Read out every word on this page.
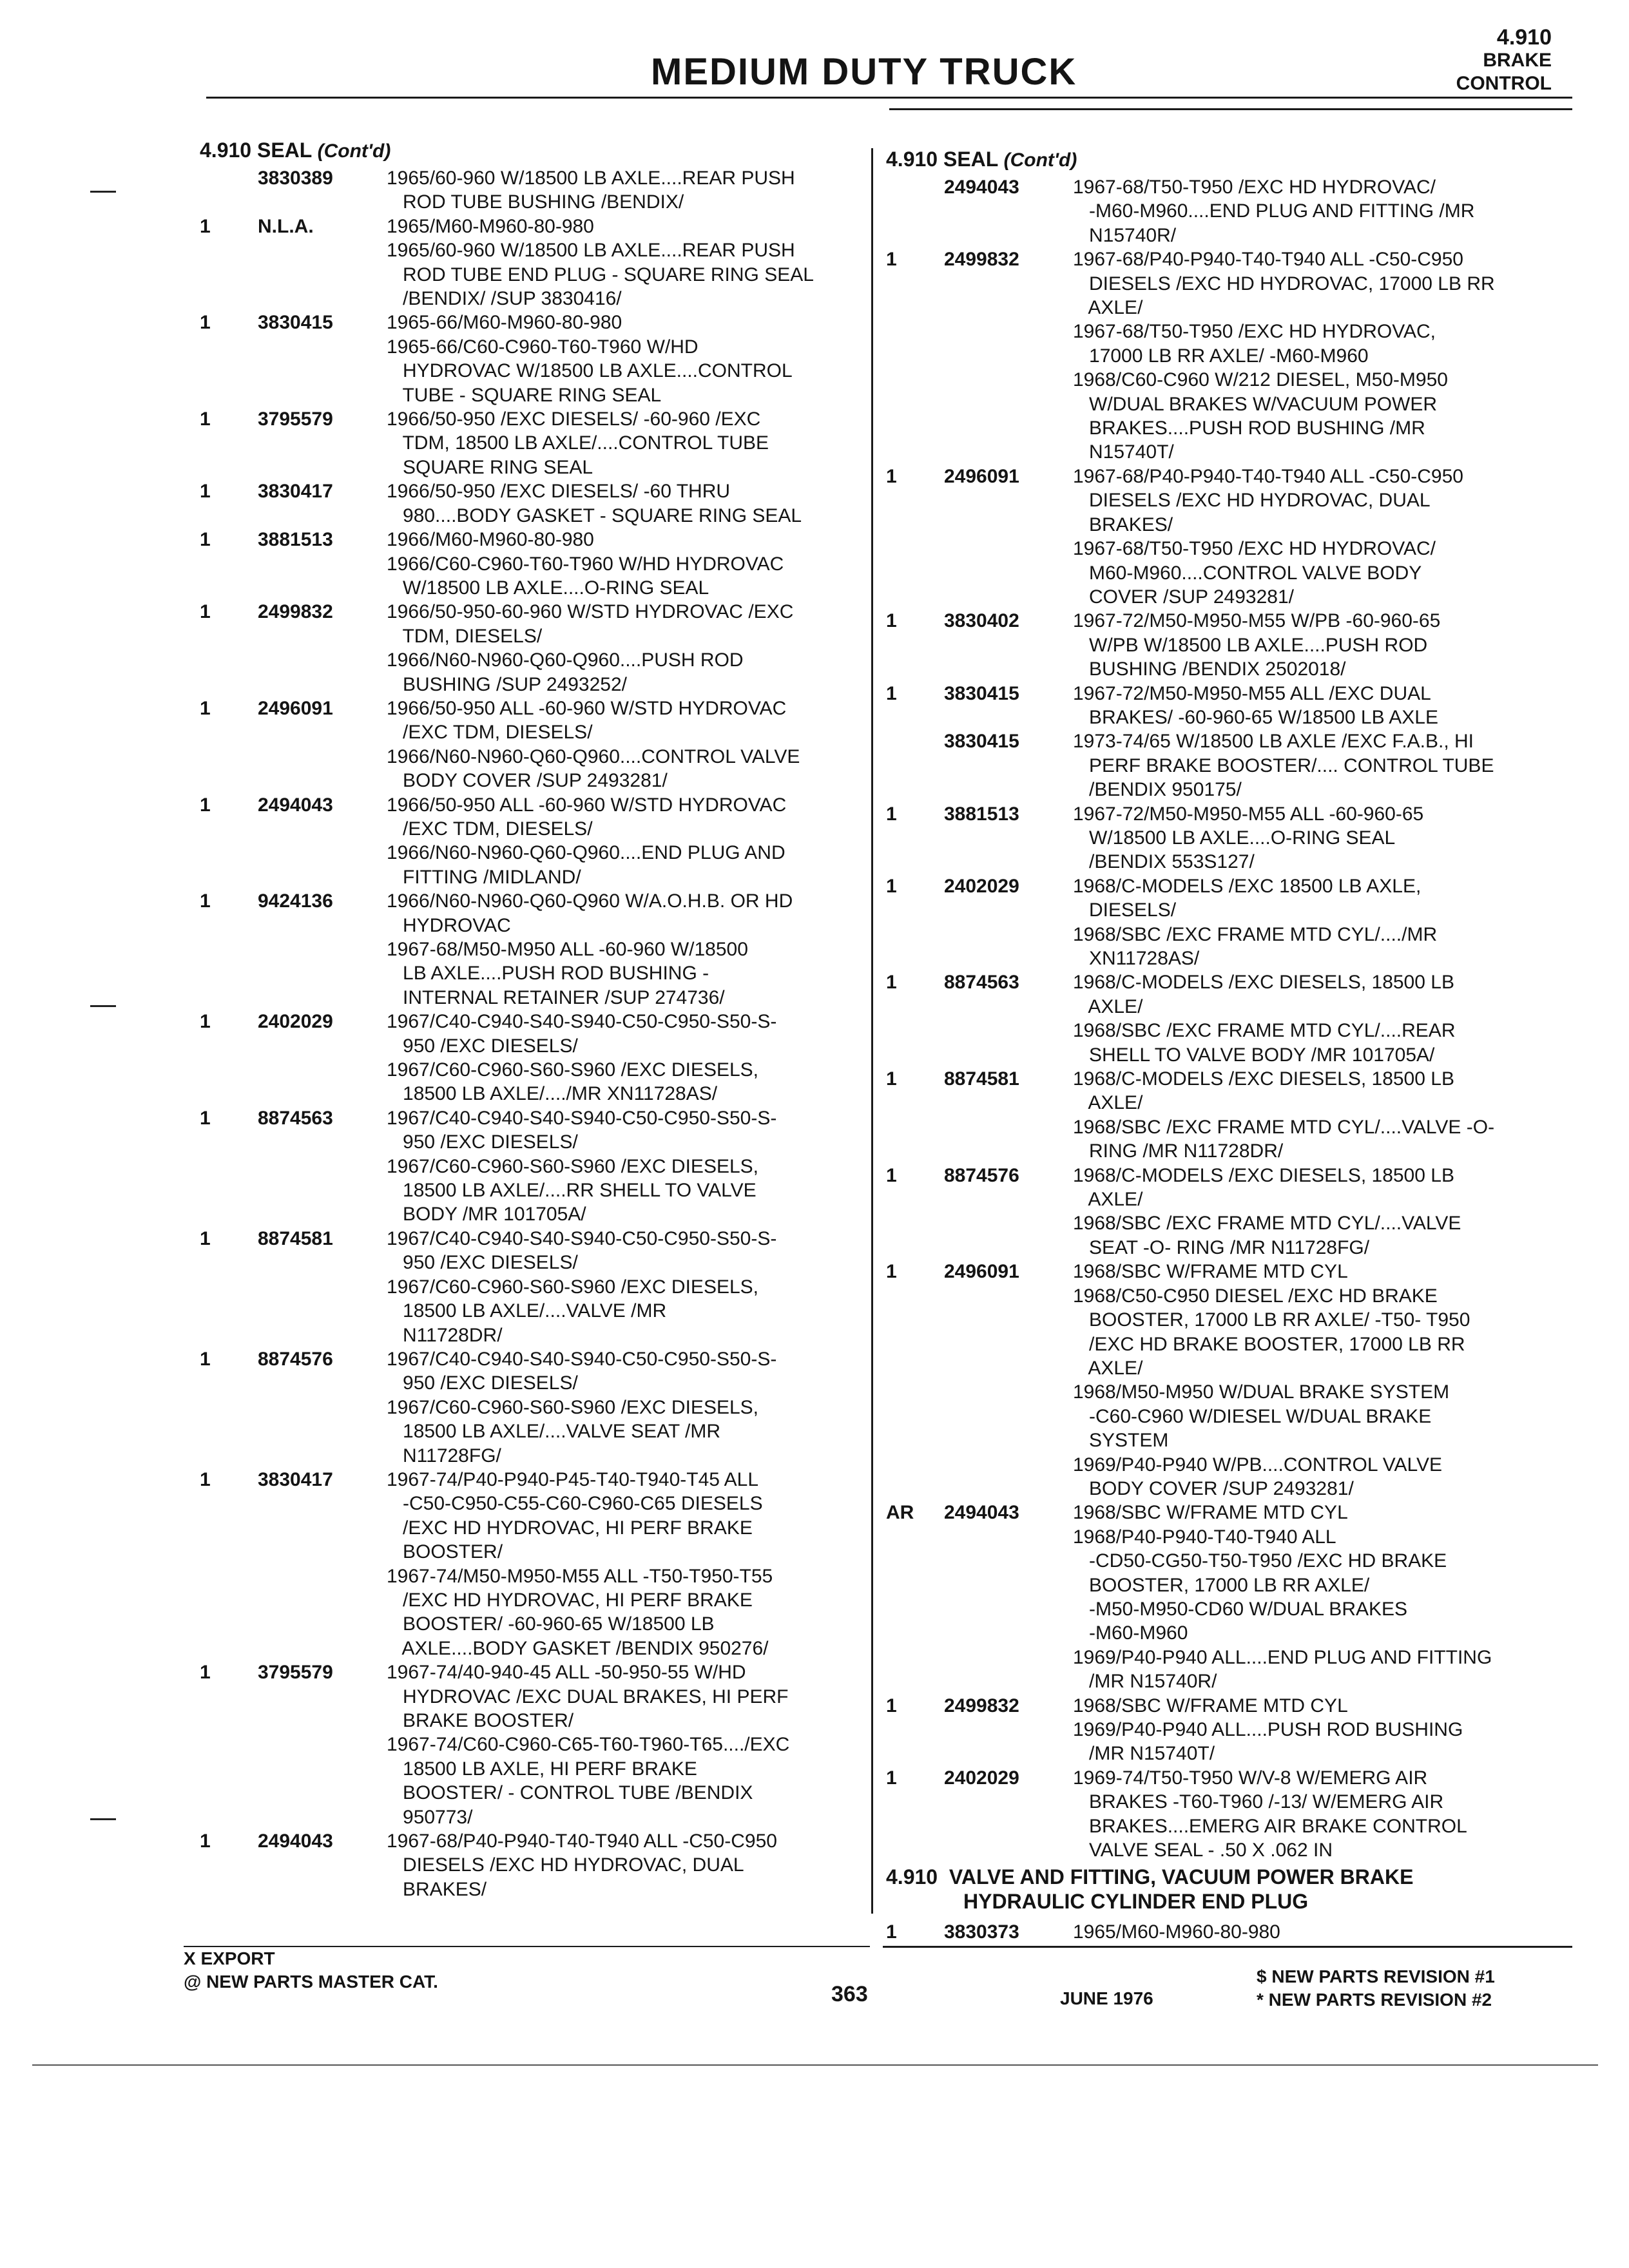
MEDIUM DUTY TRUCK
4.910
BRAKE
CONTROL
4.910 SEAL (Cont'd)
3830389	1965/60-960 W/18500 LB AXLE....REAR PUSH
ROD TUBE BUSHING /BENDIX/
1	N.L.A.	1965/M60-M960-80-980
1965/60-960 W/18500 LB AXLE....REAR PUSH
ROD TUBE END PLUG - SQUARE RING SEAL
/BENDIX/ /SUP 3830416/
1	3830415	1965-66/M60-M960-80-980
1965-66/C60-C960-T60-T960 W/HD
HYDROVAC W/18500 LB AXLE....CONTROL
TUBE - SQUARE RING SEAL
1	3795579	1966/50-950 /EXC DIESELS/ -60-960 /EXC
TDM, 18500 LB AXLE/....CONTROL TUBE
SQUARE RING SEAL
1	3830417	1966/50-950 /EXC DIESELS/ -60 THRU
980....BODY GASKET - SQUARE RING SEAL
1	3881513	1966/M60-M960-80-980
1966/C60-C960-T60-T960 W/HD HYDROVAC
W/18500 LB AXLE....O-RING SEAL
1	2499832	1966/50-950-60-960 W/STD HYDROVAC /EXC
TDM, DIESELS/
1966/N60-N960-Q60-Q960....PUSH ROD
BUSHING /SUP 2493252/
1	2496091	1966/50-950 ALL -60-960 W/STD HYDROVAC
/EXC TDM, DIESELS/
1966/N60-N960-Q60-Q960....CONTROL VALVE
BODY COVER /SUP 2493281/
1	2494043	1966/50-950 ALL -60-960 W/STD HYDROVAC
/EXC TDM, DIESELS/
1966/N60-N960-Q60-Q960....END PLUG AND
FITTING /MIDLAND/
1	9424136	1966/N60-N960-Q60-Q960 W/A.O.H.B. OR HD
HYDROVAC
1967-68/M50-M950 ALL -60-960 W/18500
LB AXLE....PUSH ROD BUSHING -
INTERNAL RETAINER /SUP 274736/
1	2402029	1967/C40-C940-S40-S940-C50-C950-S50-S-
950 /EXC DIESELS/
1967/C60-C960-S60-S960 /EXC DIESELS,
18500 LB AXLE/..../MR XN11728AS/
1	8874563	1967/C40-C940-S40-S940-C50-C950-S50-S-
950 /EXC DIESELS/
1967/C60-C960-S60-S960 /EXC DIESELS,
18500 LB AXLE/....RR SHELL TO VALVE
BODY /MR 101705A/
1	8874581	1967/C40-C940-S40-S940-C50-C950-S50-S-
950 /EXC DIESELS/
1967/C60-C960-S60-S960 /EXC DIESELS,
18500 LB AXLE/....VALVE /MR
N11728DR/
1	8874576	1967/C40-C940-S40-S940-C50-C950-S50-S-
950 /EXC DIESELS/
1967/C60-C960-S60-S960 /EXC DIESELS,
18500 LB AXLE/....VALVE SEAT /MR
N11728FG/
1	3830417	1967-74/P40-P940-P45-T40-T940-T45 ALL
-C50-C950-C55-C60-C960-C65 DIESELS
/EXC HD HYDROVAC, HI PERF BRAKE
BOOSTER/
1967-74/M50-M950-M55 ALL -T50-T950-T55
/EXC HD HYDROVAC, HI PERF BRAKE
BOOSTER/ -60-960-65 W/18500 LB
AXLE....BODY GASKET /BENDIX 950276/
1	3795579	1967-74/40-940-45 ALL -50-950-55 W/HD
HYDROVAC /EXC DUAL BRAKES, HI PERF
BRAKE BOOSTER/
1967-74/C60-C960-C65-T60-T960-T65..../EXC
18500 LB AXLE, HI PERF BRAKE
BOOSTER/ - CONTROL TUBE /BENDIX
950773/
1	2494043	1967-68/P40-P940-T40-T940 ALL -C50-C950
DIESELS /EXC HD HYDROVAC, DUAL
BRAKES/
4.910 SEAL (Cont'd)
2494043	1967-68/T50-T950 /EXC HD HYDROVAC/
-M60-M960....END PLUG AND FITTING /MR
N15740R/
1	2499832	1967-68/P40-P940-T40-T940 ALL -C50-C950
DIESELS /EXC HD HYDROVAC, 17000 LB RR
AXLE/
1967-68/T50-T950 /EXC HD HYDROVAC,
17000 LB RR AXLE/ -M60-M960
1968/C60-C960 W/212 DIESEL, M50-M950
W/DUAL BRAKES W/VACUUM POWER
BRAKES....PUSH ROD BUSHING /MR
N15740T/
1	2496091	1967-68/P40-P940-T40-T940 ALL -C50-C950
DIESELS /EXC HD HYDROVAC, DUAL
BRAKES/
1967-68/T50-T950 /EXC HD HYDROVAC/
M60-M960....CONTROL VALVE BODY
COVER /SUP 2493281/
1	3830402	1967-72/M50-M950-M55 W/PB -60-960-65
W/PB W/18500 LB AXLE....PUSH ROD
BUSHING /BENDIX 2502018/
1	3830415	1967-72/M50-M950-M55 ALL /EXC DUAL
BRAKES/ -60-960-65 W/18500 LB AXLE
3830415	1973-74/65 W/18500 LB AXLE /EXC F.A.B., HI
PERF BRAKE BOOSTER/.... CONTROL TUBE
/BENDIX 950175/
1	3881513	1967-72/M50-M950-M55 ALL -60-960-65
W/18500 LB AXLE....O-RING SEAL
/BENDIX 553S127/
1	2402029	1968/C-MODELS /EXC 18500 LB AXLE,
DIESELS/
1968/SBC /EXC FRAME MTD CYL/..../MR
XN11728AS/
1	8874563	1968/C-MODELS /EXC DIESELS, 18500 LB
AXLE/
1968/SBC /EXC FRAME MTD CYL/....REAR
SHELL TO VALVE BODY /MR 101705A/
1	8874581	1968/C-MODELS /EXC DIESELS, 18500 LB
AXLE/
1968/SBC /EXC FRAME MTD CYL/....VALVE -O-
RING /MR N11728DR/
1	8874576	1968/C-MODELS /EXC DIESELS, 18500 LB
AXLE/
1968/SBC /EXC FRAME MTD CYL/....VALVE
SEAT -O- RING /MR N11728FG/
1	2496091	1968/SBC W/FRAME MTD CYL
1968/C50-C950 DIESEL /EXC HD BRAKE
BOOSTER, 17000 LB RR AXLE/ -T50- T950
/EXC HD BRAKE BOOSTER, 17000 LB RR
AXLE/
1968/M50-M950 W/DUAL BRAKE SYSTEM
-C60-C960 W/DIESEL W/DUAL BRAKE
SYSTEM
1969/P40-P940 W/PB....CONTROL VALVE
BODY COVER /SUP 2493281/
AR	2494043	1968/SBC W/FRAME MTD CYL
1968/P40-P940-T40-T940 ALL
-CD50-CG50-T50-T950 /EXC HD BRAKE
BOOSTER, 17000 LB RR AXLE/
-M50-M950-CD60 W/DUAL BRAKES
-M60-M960
1969/P40-P940 ALL....END PLUG AND FITTING
/MR N15740R/
1	2499832	1968/SBC W/FRAME MTD CYL
1969/P40-P940 ALL....PUSH ROD BUSHING
/MR N15740T/
1	2402029	1969-74/T50-T950 W/V-8 W/EMERG AIR
BRAKES -T60-T960 /-13/ W/EMERG AIR
BRAKES....EMERG AIR BRAKE CONTROL
VALVE SEAL - .50 X .062 IN
4.910  VALVE AND FITTING, VACUUM POWER BRAKE
HYDRAULIC CYLINDER END PLUG
1	3830373	1965/M60-M960-80-980
X EXPORT
@ NEW PARTS MASTER CAT.
363	JUNE 1976
$ NEW PARTS REVISION #1
* NEW PARTS REVISION #2
